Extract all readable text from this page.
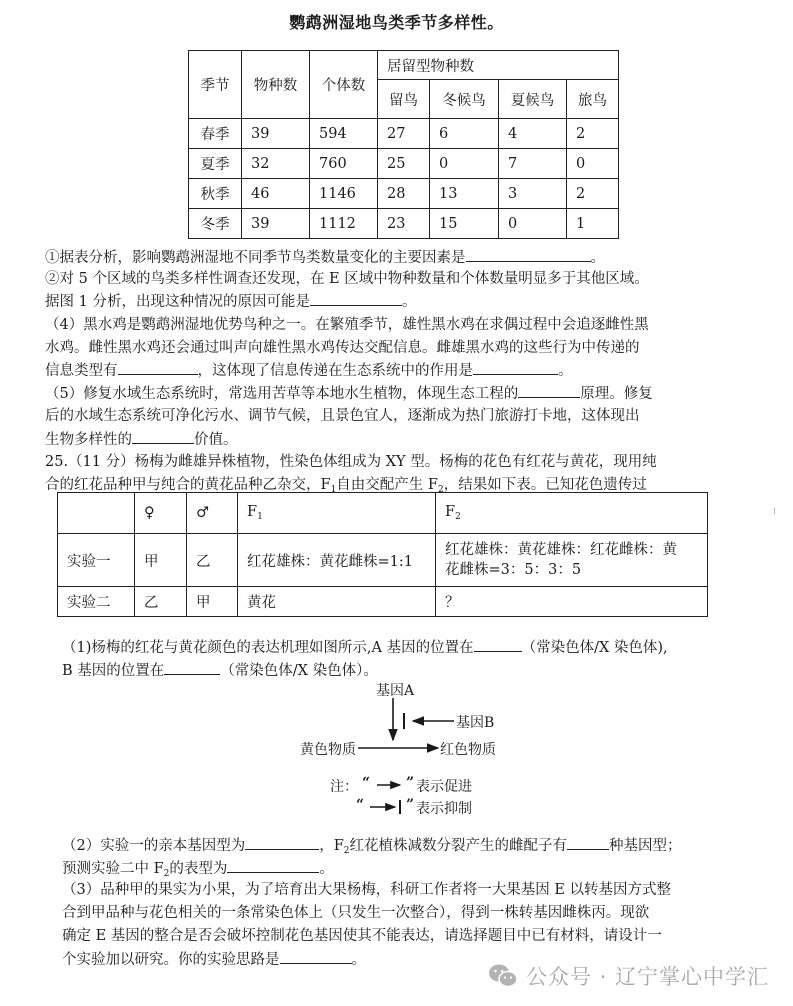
鹦鹉洲湿地鸟类季节多样性。
季节	物种数	个体数	居留型物种数			
			留鸟	冬候鸟	夏候鸟	旅鸟
春季	39	594	27	6	4	2
夏季	32	760	25	0	7	0
秋季	46	1146	28	13	3	2
冬季	39	1112	23	15	0	1
①据表分析，影响鹦鹉洲湿地不同季节鸟类数量变化的主要因素是	。
②对 5 个区域的鸟类多样性调查还发现，在 E 区域中物种数量和个体数量明显多于其他区域。
据图 1 分析，出现这种情况的原因可能是	。
（4）黑水鸡是鹦鹉洲湿地优势鸟种之一。在繁殖季节，雄性黑水鸡在求偶过程中会追逐雌性黑
水鸡。雌性黑水鸡还会通过叫声向雄性黑水鸡传达交配信息。雌雄黑水鸡的这些行为中传递的
信息类型有	，这体现了信息传递在生态系统中的作用是	。
（5）修复水域生态系统时，常选用苦草等本地水生植物，体现生态工程的	原理。修复
后的水域生态系统可净化污水、调节气候，且景色宜人，逐渐成为热门旅游打卡地，这体现出
生物多样性的	价值。
25.（11 分）杨梅为雌雄异株植物，性染色体组成为 XY 型。杨梅的花色有红花与黄花，现用纯
合的红花品种甲与纯合的黄花品种乙杂交，$F_1$自由交配产生 $F_2$，结果如下表。已知花色遗传过
	♀	♂	$F_1$	$F_2$
实验一	甲	乙	红花雄株：黄花雌株=1:1	红花雄株：黄花雄株：红花雌株：黄
花雌株=3：5：3：5

实验二	乙	甲	黄花	？
（1)杨梅的红花与黄花颜色的表达机理如图所示,A 基因的位置在	（常染色体/X 染色体),
B 基因的位置在	（常染色体/X 染色体）。
基因A
基因B
黄色物质	红色物质
注： “	” 表示促进
“	” 表示抑制
（2）实验一的亲本基因型为	，$F_2$红花植株减数分裂产生的雌配子有	种基因型；
预测实验二中 $F_2$的表型为	。
（3）品种甲的果实为小果，为了培育出大果杨梅，科研工作者将一大果基因 E 以转基因方式整
合到甲品种与花色相关的一条常染色体上（只发生一次整合），得到一株转基因雌株丙。现欲
确定 E 基因的整合是否会破坏控制花色基因使其不能表达，请选择题目中已有材料，请设计一
个实验加以研究。你的实验思路是	。
公众号 · 辽宁掌心中学汇
⁞
